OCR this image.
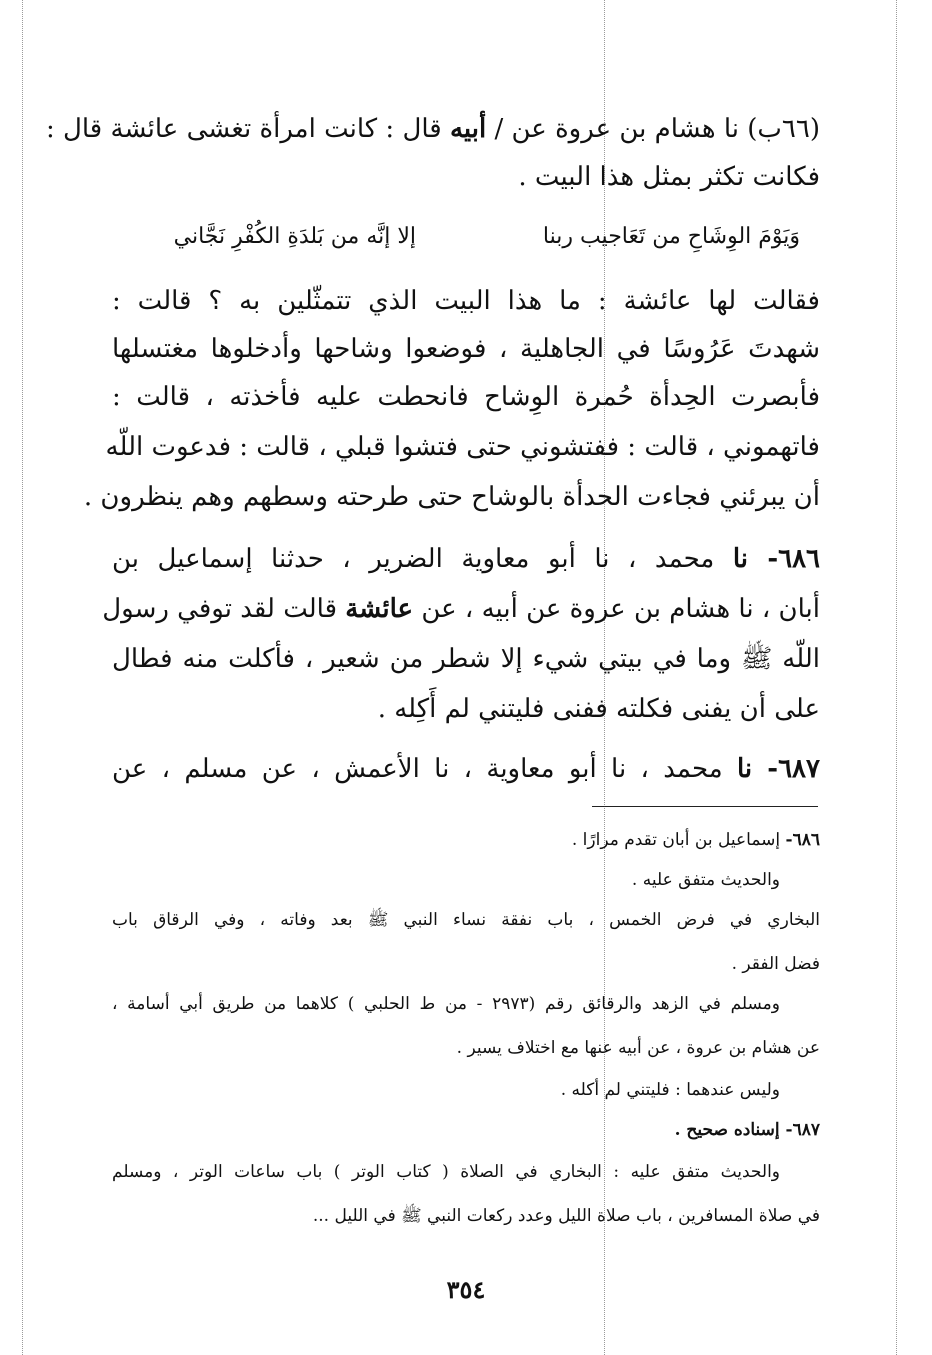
(٦٦ب) نا هشام بن عروة عن / أبيه قال : كانت امرأة تغشى عائشة قال :
فكانت تكثر بمثل هذا البيت .
وَيَوْمَ الوِشَاحِ من تَعَاجيب ربنا
إلا إنَّه من بَلدَةِ الكُفْرِ نَجَّاني
فقالت لها عائشة : ما هذا البيت الذي تتمثّلين به ؟ قالت :
شهدتَ عَرُوسًا في الجاهلية ، فوضعوا وشاحها وأدخلوها مغتسلها
فأبصرت الحِدأة حُمرة الوِشاح فانحطت عليه فأخذته ، قالت :
فاتهموني ، قالت : ففتشوني حتى فتشوا قبلي ، قالت : فدعوت اللّه
أن يبرئني فجاءت الحدأة بالوشاح حتى طرحته وسطهم وهم ينظرون .
٦٨٦- نا محمد ، نا أبو معاوية الضرير ، حدثنا إسماعيل بن
أبان ، نا هشام بن عروة عن أبيه ، عن عائشة قالت لقد توفي رسول
اللّه ﷺ وما في بيتي شيء إلا شطر من شعير ، فأكلت منه فطال
على أن يفنى فكلته ففنى فليتني لم أَكِله .
٦٨٧- نا محمد ، نا أبو معاوية ، نا الأعمش ، عن مسلم ، عن
٦٨٦- إسماعيل بن أبان تقدم مرارًا .
والحديث متفق عليه .
البخاري في فرض الخمس ، باب نفقة نساء النبي ﷺ بعد وفاته ، وفي الرقاق باب
فضل الفقر .
ومسلم في الزهد والرقائق رقم (٢٩٧٣ - من ط الحلبي ) كلاهما من طريق أبي أسامة ،
عن هشام بن عروة ، عن أبيه عنها مع اختلاف يسير .
وليس عندهما : فليتني لم أكله .
٦٨٧- إسناده صحيح .
والحديث متفق عليه : البخاري في الصلاة ( كتاب الوتر ) باب ساعات الوتر ، ومسلم
في صلاة المسافرين ، باب صلاة الليل وعدد ركعات النبي ﷺ في الليل ...
٣٥٤
